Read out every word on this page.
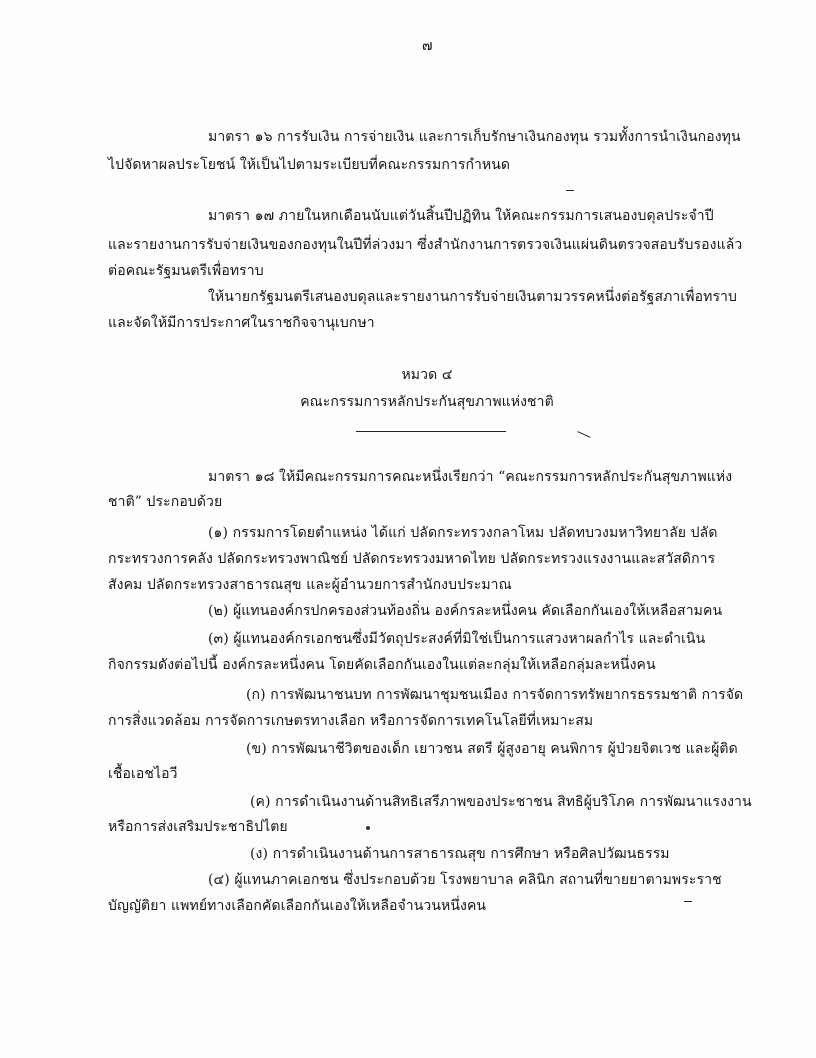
๗
มาตรา ๑๖ การรับเงิน การจ่ายเงิน และการเก็บรักษาเงินกองทุน รวมทั้งการนำเงินกองทุน
ไปจัดหาผลประโยชน์ ให้เป็นไปตามระเบียบที่คณะกรรมการกำหนด
มาตรา ๑๗ ภายในหกเดือนนับแต่วันสิ้นปีปฏิทิน ให้คณะกรรมการเสนองบดุลประจำปี
และรายงานการรับจ่ายเงินของกองทุนในปีที่ล่วงมา ซึ่งสำนักงานการตรวจเงินแผ่นดินตรวจสอบรับรองแล้ว
ต่อคณะรัฐมนตรีเพื่อทราบ
ให้นายกรัฐมนตรีเสนองบดุลและรายงานการรับจ่ายเงินตามวรรคหนึ่งต่อรัฐสภาเพื่อทราบ
และจัดให้มีการประกาศในราชกิจจานุเบกษา
หมวด ๔
คณะกรรมการหลักประกันสุขภาพแห่งชาติ
มาตรา ๑๘ ให้มีคณะกรรมการคณะหนึ่งเรียกว่า “คณะกรรมการหลักประกันสุขภาพแห่ง
ชาติ” ประกอบด้วย
(๑) กรรมการโดยตำแหน่ง ได้แก่ ปลัดกระทรวงกลาโหม ปลัดทบวงมหาวิทยาลัย ปลัด
กระทรวงการคลัง ปลัดกระทรวงพาณิชย์ ปลัดกระทรวงมหาดไทย ปลัดกระทรวงแรงงานและสวัสดิการ
สังคม ปลัดกระทรวงสาธารณสุข และผู้อำนวยการสำนักงบประมาณ
(๒) ผู้แทนองค์กรปกครองส่วนท้องถิ่น องค์กรละหนึ่งคน คัดเลือกกันเองให้เหลือสามคน
(๓) ผู้แทนองค์กรเอกชนซึ่งมีวัตถุประสงค์ที่มิใช่เป็นการแสวงหาผลกำไร และดำเนิน
กิจกรรมดังต่อไปนี้ องค์กรละหนึ่งคน โดยคัดเลือกกันเองในแต่ละกลุ่มให้เหลือกลุ่มละหนึ่งคน
(ก) การพัฒนาชนบท การพัฒนาชุมชนเมือง การจัดการทรัพยากรธรรมชาติ การจัด
การสิ่งแวดล้อม การจัดการเกษตรทางเลือก หรือการจัดการเทคโนโลยีที่เหมาะสม
(ข) การพัฒนาชีวิตของเด็ก เยาวชน สตรี ผู้สูงอายุ คนพิการ ผู้ป่วยจิตเวช และผู้ติด
เชื้อเอชไอวี
(ค) การดำเนินงานด้านสิทธิเสรีภาพของประชาชน สิทธิผู้บริโภค การพัฒนาแรงงาน
หรือการส่งเสริมประชาธิปไตย
(ง) การดำเนินงานด้านการสาธารณสุข การศึกษา หรือศิลปวัฒนธรรม
(๔) ผู้แทนภาคเอกชน ซึ่งประกอบด้วย โรงพยาบาล คลินิก สถานที่ขายยาตามพระราช
บัญญัติยา แพทย์ทางเลือกคัดเลือกกันเองให้เหลือจำนวนหนึ่งคน
